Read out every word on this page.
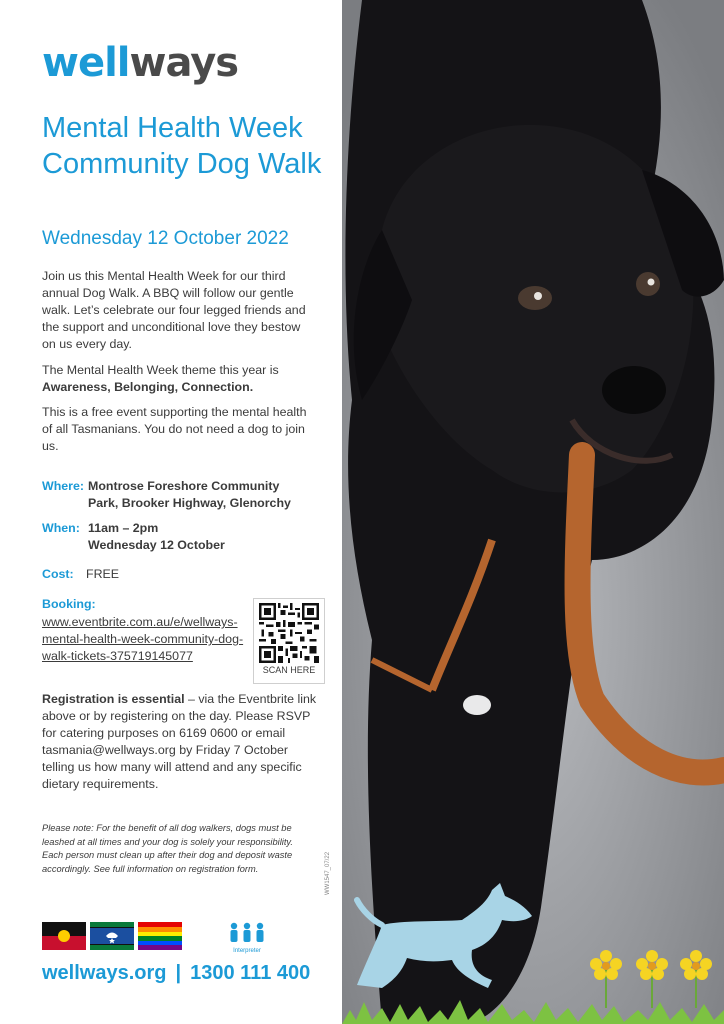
wellways
Mental Health Week Community Dog Walk
Wednesday 12 October 2022

Join us this Mental Health Week for our third annual Dog Walk. A BBQ will follow our gentle walk. Let’s celebrate our four legged friends and the support and unconditional love they bestow on us every day.

The Mental Health Week theme this year is Awareness, Belonging, Connection.

This is a free event supporting the mental health of all Tasmanians. You do not need a dog to join us.

Where: Montrose Foreshore Community Park, Brooker Highway, Glenorchy
When: 11am – 2pm
Wednesday 12 October
Cost: FREE
Booking:
www.eventbrite.com.au/e/wellways-mental-health-week-community-dog-walk-tickets-375719145077
SCAN HERE

Registration is essential – via the Eventbrite link above or by registering on the day. Please RSVP for catering purposes on 6169 0600 or email tasmania@wellways.org by Friday 7 October telling us how many will attend and any specific dietary requirements.

Please note: For the benefit of all dog walkers, dogs must be leashed at all times and your dog is solely your responsibility. Each person must clean up after their dog and deposit waste accordingly. See full information on registration form.	WW1547_07/22
Interpreter
wellways.org | 1300 111 400
